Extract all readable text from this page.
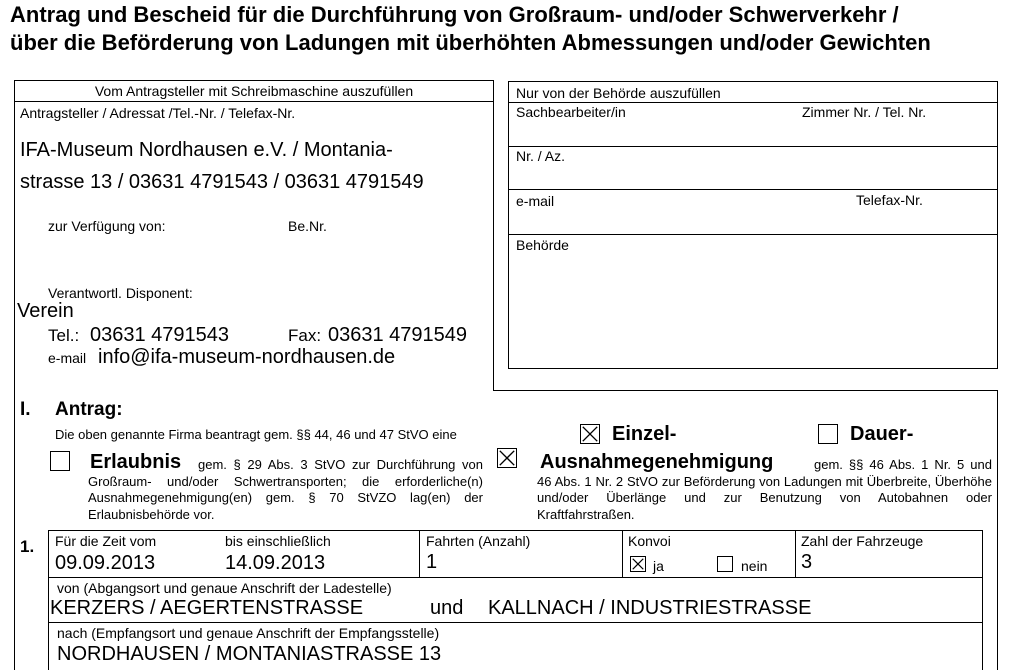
Antrag und Bescheid für die Durchführung von Großraum- und/oder Schwerverkehr /
über die Beförderung von Ladungen mit überhöhten Abmessungen und/oder Gewichten
Vom Antragsteller mit Schreibmaschine auszufüllen
Antragsteller / Adressat /Tel.-Nr. / Telefax-Nr.
IFA-Museum Nordhausen e.V. / Montania-
strasse 13 / 03631 4791543 / 03631 4791549
zur Verfügung von:	Be.Nr.
Verantwortl. Disponent:
Verein
Tel.: 03631 4791543	Fax: 03631 4791549
e-mail info@ifa-museum-nordhausen.de
Nur von der Behörde auszufüllen
Sachbearbeiter/in	Zimmer Nr. / Tel. Nr.
Nr. / Az.
e-mail	Telefax-Nr.
Behörde
I. Antrag:
Die oben genannte Firma beantragt gem. §§ 44, 46 und 47 StVO eine	Einzel-	Dauer-
Erlaubnis	gem. § 29 Abs. 3 StVO zur Durchführung von Großraum- und/oder Schwertransporten; die erforderliche(n) Ausnahmegenehmigung(en) gem. § 70 StVZO lag(en) der Erlaubnisbehörde vor.
Ausnahmegenehmigung	gem. §§ 46 Abs. 1 Nr. 5 und 46 Abs. 1 Nr. 2 StVO zur Beförderung von Ladungen mit Überbreite, Überhöhe und/oder Überlänge und zur Benutzung von Autobahnen oder Kraftfahrstraßen.
1. Für die Zeit vom
09.09.2013
bis einschließlich
14.09.2013
Fahrten (Anzahl)
1
Konvoi
ja	nein
Zahl der Fahrzeuge
3
von (Abgangsort und genaue Anschrift der Ladestelle)
KERZERS / AEGERTENSTRASSE	und KALLNACH / INDUSTRIESTRASSE
nach (Empfangsort und genaue Anschrift der Empfangsstelle)
NORDHAUSEN / MONTANIASTRASSE 13
